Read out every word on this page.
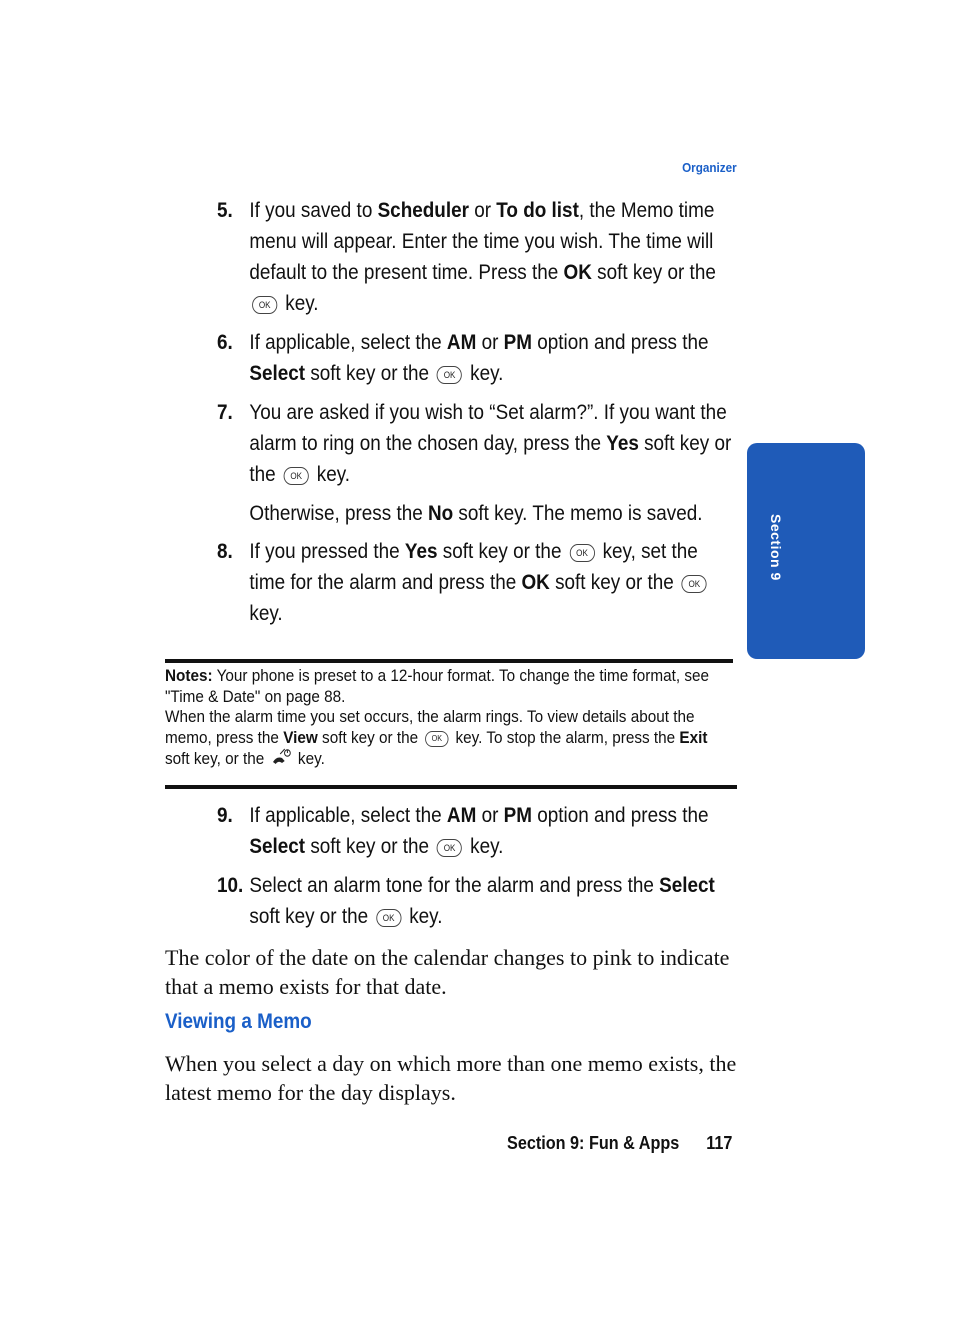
Organizer
Section 9
5. If you saved to Scheduler or To do list, the Memo time menu will appear. Enter the time you wish. The time will default to the present time. Press the OK soft key or the
OK key.
6. If applicable, select the AM or PM option and press the
Select soft key or the OK key.
7. You are asked if you wish to “Set alarm?”. If you want the alarm to ring on the chosen day, press the Yes soft key or the OK key.
Otherwise, press the No soft key. The memo is saved.
8. If you pressed the Yes soft key or the OK key, set the time for the alarm and press the OK soft key or the OK
key.
Notes: Your phone is preset to a 12-hour format. To change the time format, see "Time & Date" on page 88.
When the alarm time you set occurs, the alarm rings. To view details about the memo, press the View soft key or the OK key. To stop the alarm, press the Exit soft key, or the  key.
9. If applicable, select the AM or PM option and press the
Select soft key or the OK key.
10. Select an alarm tone for the alarm and press the Select
soft key or the OK key.
The color of the date on the calendar changes to pink to indicate that a memo exists for that date.
Viewing a Memo
When you select a day on which more than one memo exists, the latest memo for the day displays.
Section 9: Fun & Apps 117
